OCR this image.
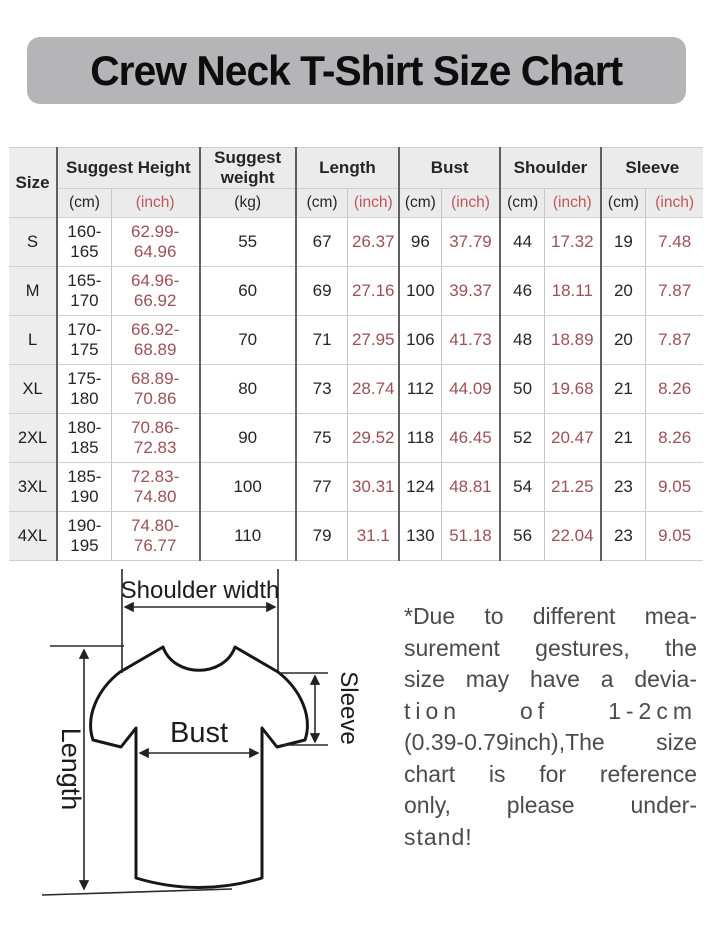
Crew Neck T-Shirt Size Chart
Size	Suggest Height		Suggest weight	Length		Bust		Shoulder		Sleeve	
	(cm)	(inch)	(kg)	(cm)	(inch)	(cm)	(inch)	(cm)	(inch)	(cm)	(inch)
S	160-165	62.99-64.96	55	67	26.37	96	37.79	44	17.32	19	7.48
M	165-170	64.96-66.92	60	69	27.16	100	39.37	46	18.11	20	7.87
L	170-175	66.92-68.89	70	71	27.95	106	41.73	48	18.89	20	7.87
XL	175-180	68.89-70.86	80	73	28.74	112	44.09	50	19.68	21	8.26
2XL	180-185	70.86-72.83	90	75	29.52	118	46.45	52	20.47	21	8.26
3XL	185-190	72.83-74.80	100	77	30.31	124	48.81	54	21.25	23	9.05
4XL	190-195	74.80-76.77	110	79	31.1	130	51.18	56	22.04	23	9.05
Shoulder width
Length	Bust	Sleeve
*Due to different mea-
surement gestures, the
size may have a devia-
tion of 1-2cm
(0.39-0.79inch),The size
chart is for reference
only, please under-
stand!
